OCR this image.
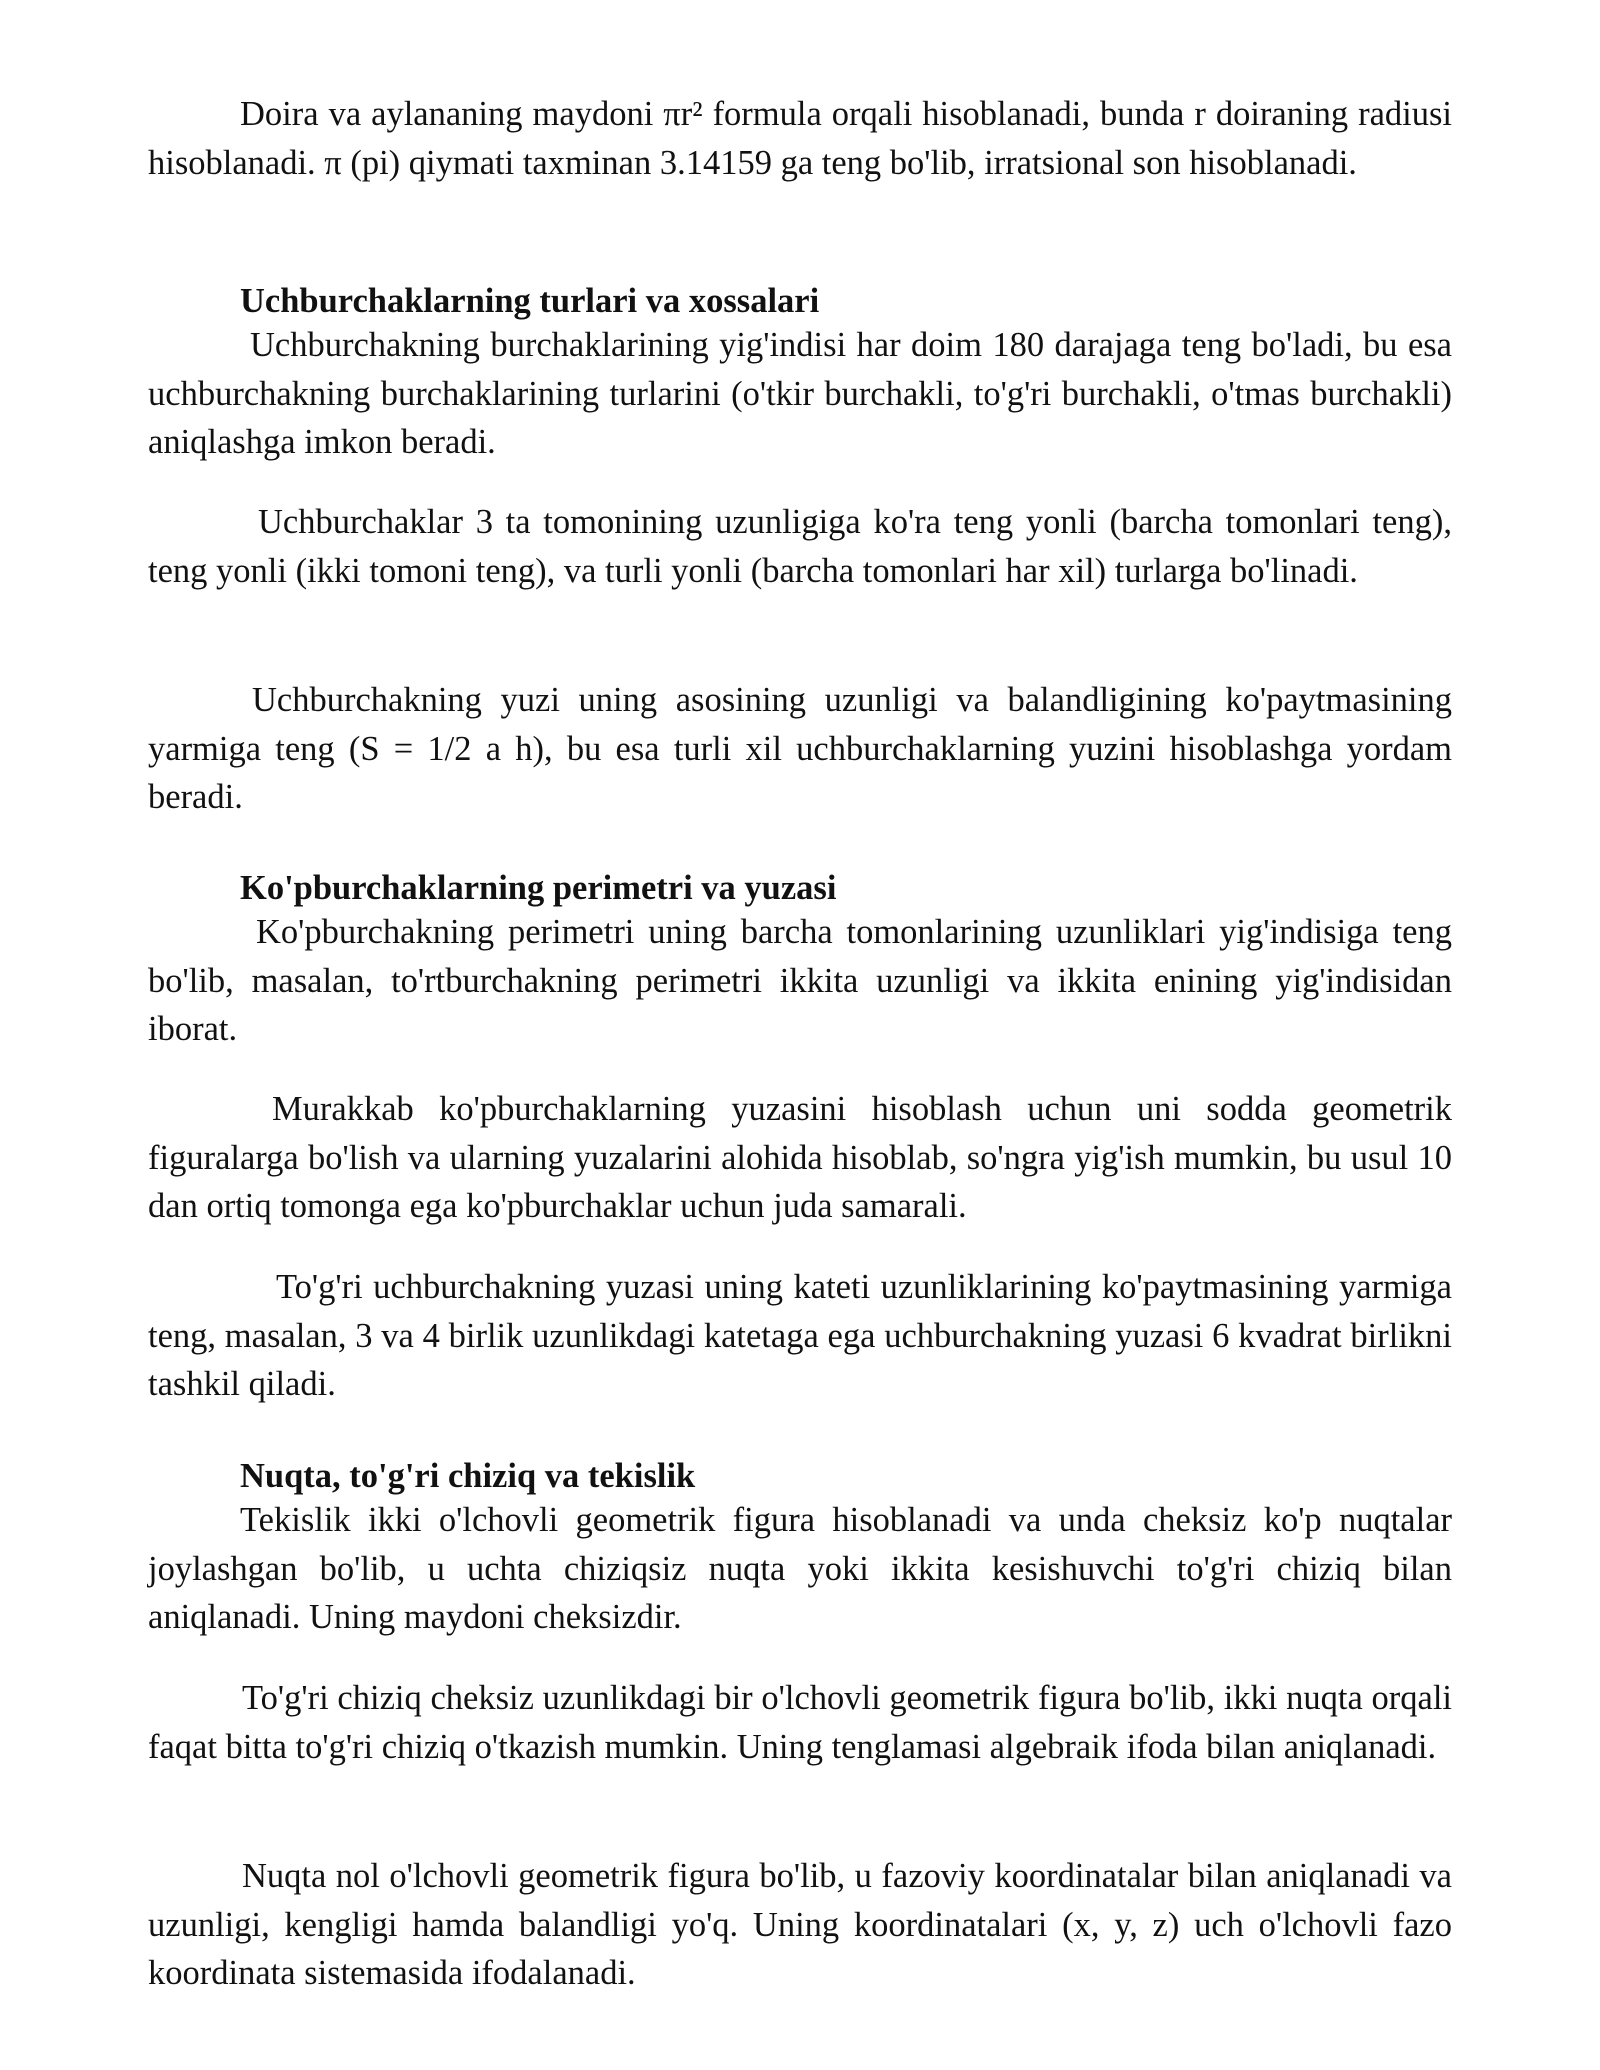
Doira va aylananing maydoni πr² formula orqali hisoblanadi, bunda r doiraning radiusi hisoblanadi. π (pi) qiymati taxminan 3.14159 ga teng bo'lib, irratsional son hisoblanadi.

Uchburchaklarning turlari va xossalari

Uchburchakning burchaklarining yig'indisi har doim 180 darajaga teng bo'ladi, bu esa uchburchakning burchaklarining turlarini (o'tkir burchakli, to'g'ri burchakli, o'tmas burchakli) aniqlashga imkon beradi.

Uchburchaklar 3 ta tomonining uzunligiga ko'ra teng yonli (barcha tomonlari teng), teng yonli (ikki tomoni teng), va turli yonli (barcha tomonlari har xil) turlarga bo'linadi.

Uchburchakning yuzi uning asosining uzunligi va balandligining ko'paytmasining yarmiga teng (S = 1/2 a h), bu esa turli xil uchburchaklarning yuzini hisoblashga yordam beradi.

Ko'pburchaklarning perimetri va yuzasi

Ko'pburchakning perimetri uning barcha tomonlarining uzunliklari yig'indisiga teng bo'lib, masalan, to'rtburchakning perimetri ikkita uzunligi va ikkita enining yig'indisidan iborat.

Murakkab ko'pburchaklarning yuzasini hisoblash uchun uni sodda geometrik figuralarga bo'lish va ularning yuzalarini alohida hisoblab, so'ngra yig'ish mumkin, bu usul 10 dan ortiq tomonga ega ko'pburchaklar uchun juda samarali.

To'g'ri uchburchakning yuzasi uning kateti uzunliklarining ko'paytmasining yarmiga teng, masalan, 3 va 4 birlik uzunlikdagi katetaga ega uchburchakning yuzasi 6 kvadrat birlikni tashkil qiladi.

Nuqta, to'g'ri chiziq va tekislik

Tekislik ikki o'lchovli geometrik figura hisoblanadi va unda cheksiz ko'p nuqtalar joylashgan bo'lib, u uchta chiziqsiz nuqta yoki ikkita kesishuvchi to'g'ri chiziq bilan aniqlanadi. Uning maydoni cheksizdir.

To'g'ri chiziq cheksiz uzunlikdagi bir o'lchovli geometrik figura bo'lib, ikki nuqta orqali faqat bitta to'g'ri chiziq o'tkazish mumkin. Uning tenglamasi algebraik ifoda bilan aniqlanadi.

Nuqta nol o'lchovli geometrik figura bo'lib, u fazoviy koordinatalar bilan aniqlanadi va uzunligi, kengligi hamda balandligi yo'q. Uning koordinatalari (x, y, z) uch o'lchovli fazo koordinata sistemasida ifodalanadi.
